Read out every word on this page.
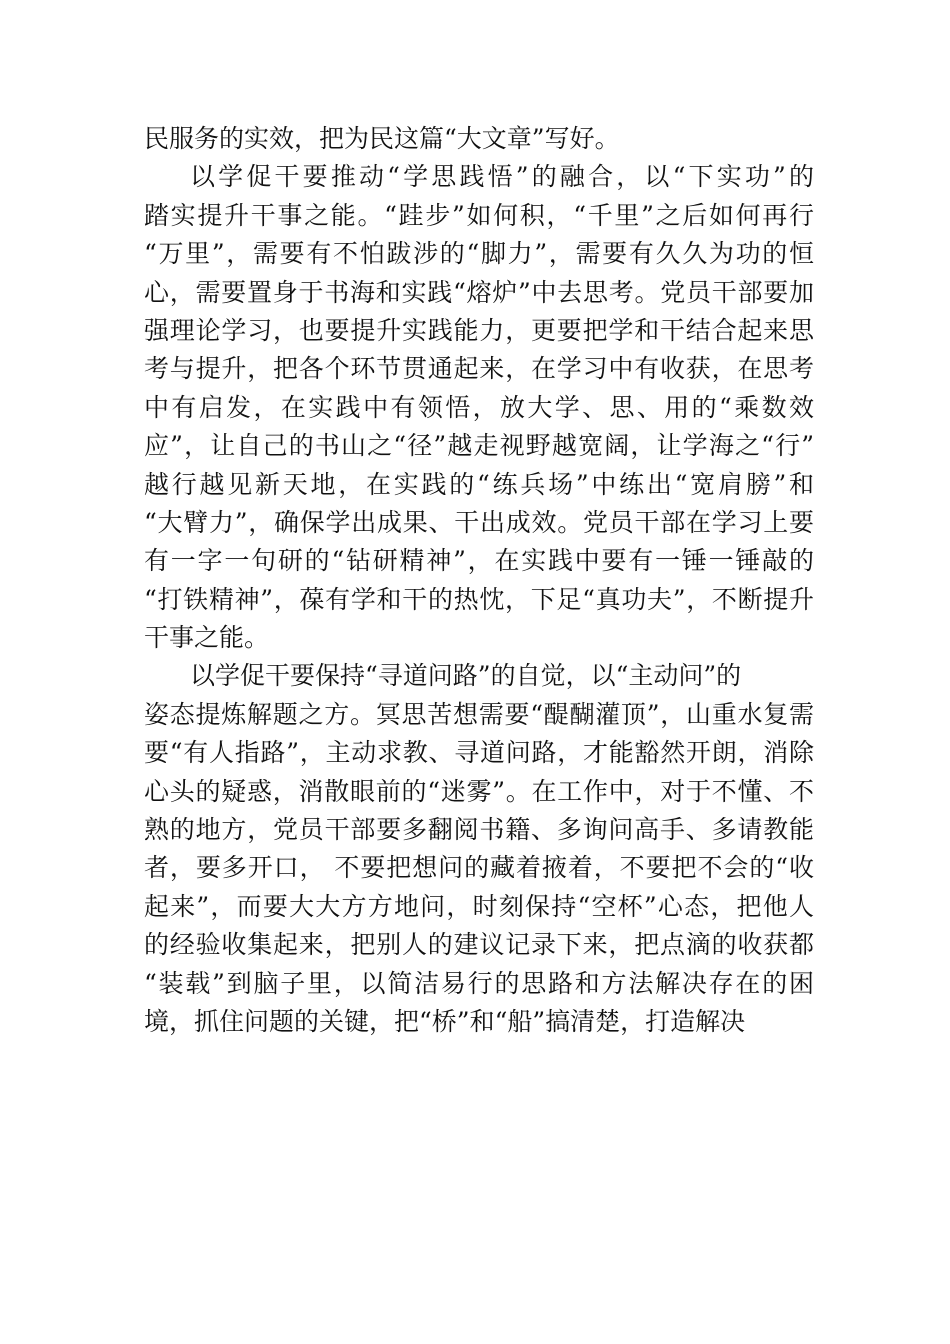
民服务的实效，把为民这篇“大文章”写好。
以学促干要推动“学思践悟”的融合，以“下实功”的
踏实提升干事之能。“跬步”如何积，“千里”之后如何再行
“万里”，需要有不怕跋涉的“脚力”，需要有久久为功的恒
心，需要置身于书海和实践“熔炉”中去思考。党员干部要加
强理论学习，也要提升实践能力，更要把学和干结合起来思
考与提升，把各个环节贯通起来，在学习中有收获，在思考
中有启发，在实践中有领悟，放大学、思、用的“乘数效
应”，让自己的书山之“径”越走视野越宽阔，让学海之“行”
越行越见新天地，在实践的“练兵场”中练出“宽肩膀”和
“大臂力”，确保学出成果、干出成效。党员干部在学习上要
有一字一句研的“钻研精神”，在实践中要有一锤一锤敲的
“打铁精神”，葆有学和干的热忱，下足“真功夫”，不断提升
干事之能。
以学促干要保持“寻道问路”的自觉，以“主动问”的
姿态提炼解题之方。冥思苦想需要“醍醐灌顶”，山重水复需
要“有人指路”，主动求教、寻道问路，才能豁然开朗，消除
心头的疑惑，消散眼前的“迷雾”。在工作中，对于不懂、不
熟的地方，党员干部要多翻阅书籍、多询问高手、多请教能
者，要多开口， 不要把想问的藏着掖着，不要把不会的“收
起来”，而要大大方方地问，时刻保持“空杯”心态，把他人
的经验收集起来，把别人的建议记录下来，把点滴的收获都
“装载”到脑子里，以简洁易行的思路和方法解决存在的困
境，抓住问题的关键，把“桥”和“船”搞清楚，打造解决
